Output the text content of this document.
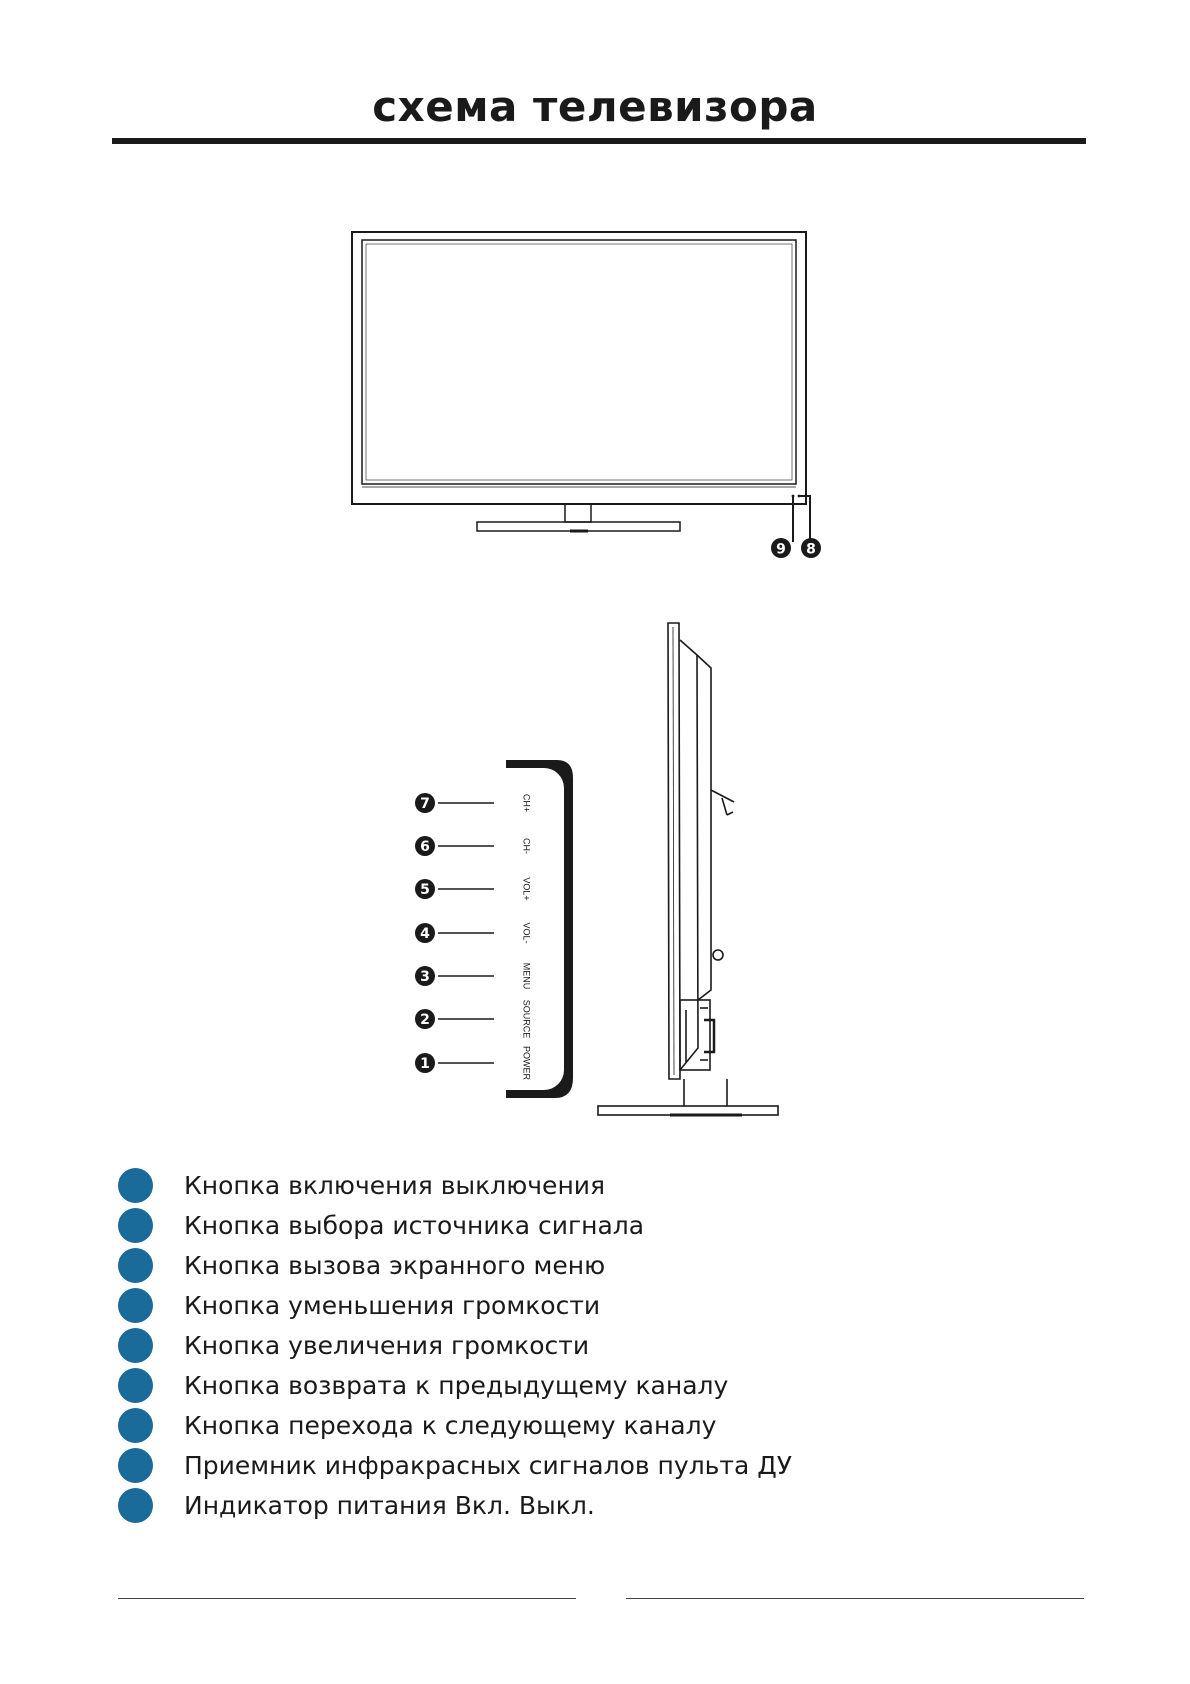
схема телевизора
9 8
CH+
CH-
VOL+
VOL-
MENU
SOURCE
POWER
7
6
5
4
3
2
1
Кнопка включения выключения
Кнопка выбора источника сигнала
Кнопка вызова экранного меню
Кнопка уменьшения громкости
Кнопка увеличения громкости
Кнопка возврата к предыдущему каналу
Кнопка перехода к следующему каналу
Приемник инфракрасных сигналов пульта ДУ
Индикатор питания Вкл. Выкл.
